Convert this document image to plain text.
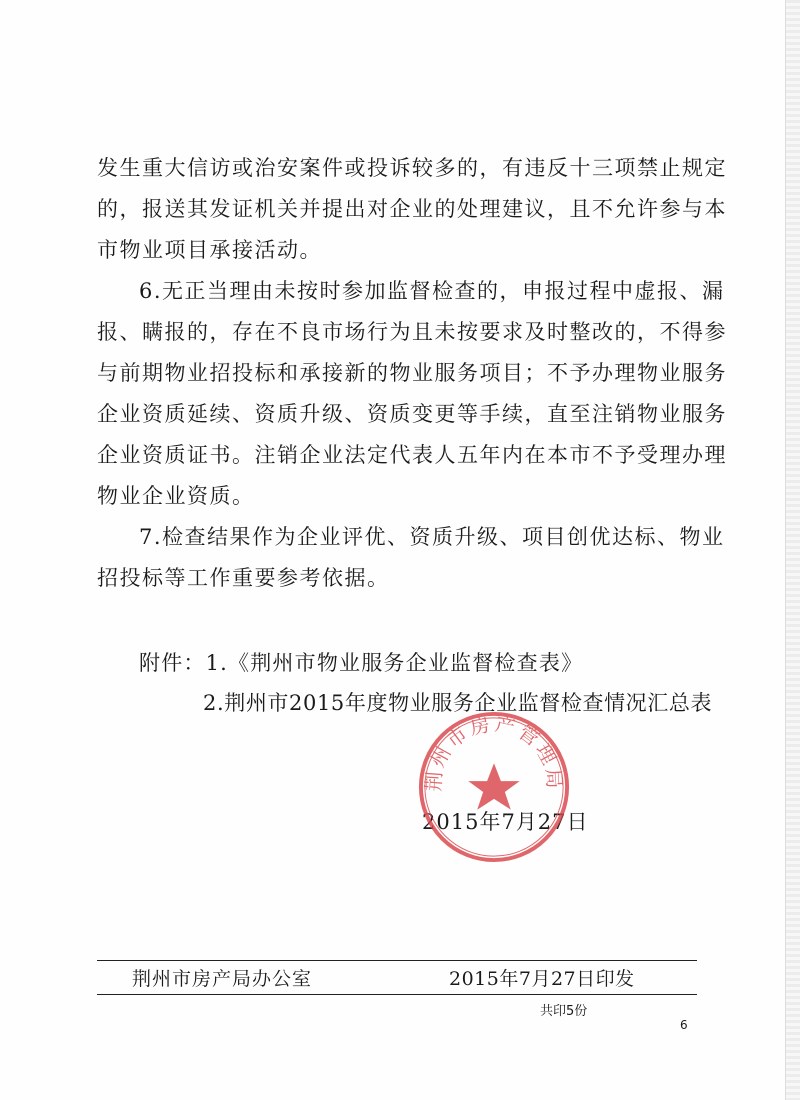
发生重大信访或治安案件或投诉较多的，有违反十三项禁止规定
的，报送其发证机关并提出对企业的处理建议，且不允许参与本
市物业项目承接活动。
6.无正当理由未按时参加监督检查的，申报过程中虚报、漏
报、瞒报的，存在不良市场行为且未按要求及时整改的，不得参
与前期物业招投标和承接新的物业服务项目；不予办理物业服务
企业资质延续、资质升级、资质变更等手续，直至注销物业服务
企业资质证书。注销企业法定代表人五年内在本市不予受理办理
物业企业资质。
7.检查结果作为企业评优、资质升级、项目创优达标、物业
招投标等工作重要参考依据。
附件：1.《荆州市物业服务企业监督检查表》
2.荆州市2015年度物业服务企业监督检查情况汇总表
2015年7月27日
荆州市房产管理局
荆州市房产局办公室	2015年7月27日印发
共印5份
6
